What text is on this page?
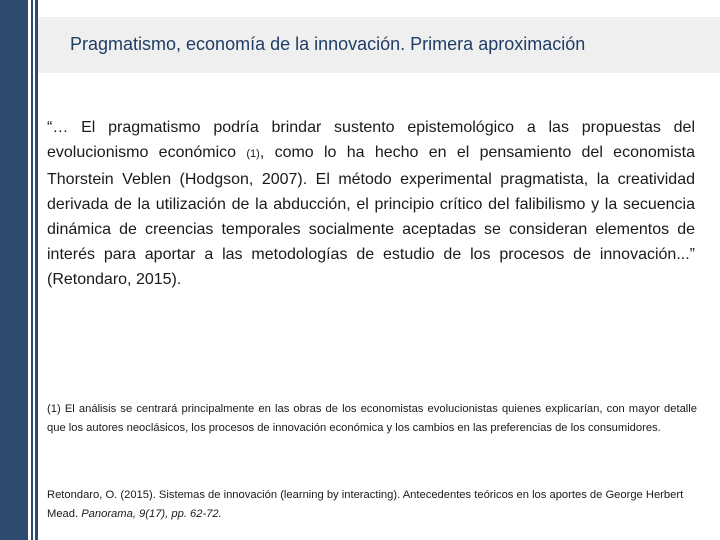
Pragmatismo, economía de la innovación. Primera aproximación

“… El pragmatismo podría brindar sustento epistemológico a las propuestas del evolucionismo económico (1), como lo ha hecho en el pensamiento del economista Thorstein Veblen (Hodgson, 2007). El método experimental pragmatista, la creatividad derivada de la utilización de la abducción, el principio crítico del falibilismo y la secuencia dinámica de creencias temporales socialmente aceptadas se consideran elementos de interés para aportar a las metodologías de estudio de los procesos de innovación...” (Retondaro, 2015).

(1) El análisis se centrará principalmente en las obras de los economistas evolucionistas quienes explicarían, con mayor detalle que los autores neoclásicos, los procesos de innovación económica y los cambios en las preferencias de los consumidores.

Retondaro, O. (2015). Sistemas de innovación (learning by interacting). Antecedentes teóricos en los aportes de George Herbert Mead. Panorama, 9(17), pp. 62-72.
